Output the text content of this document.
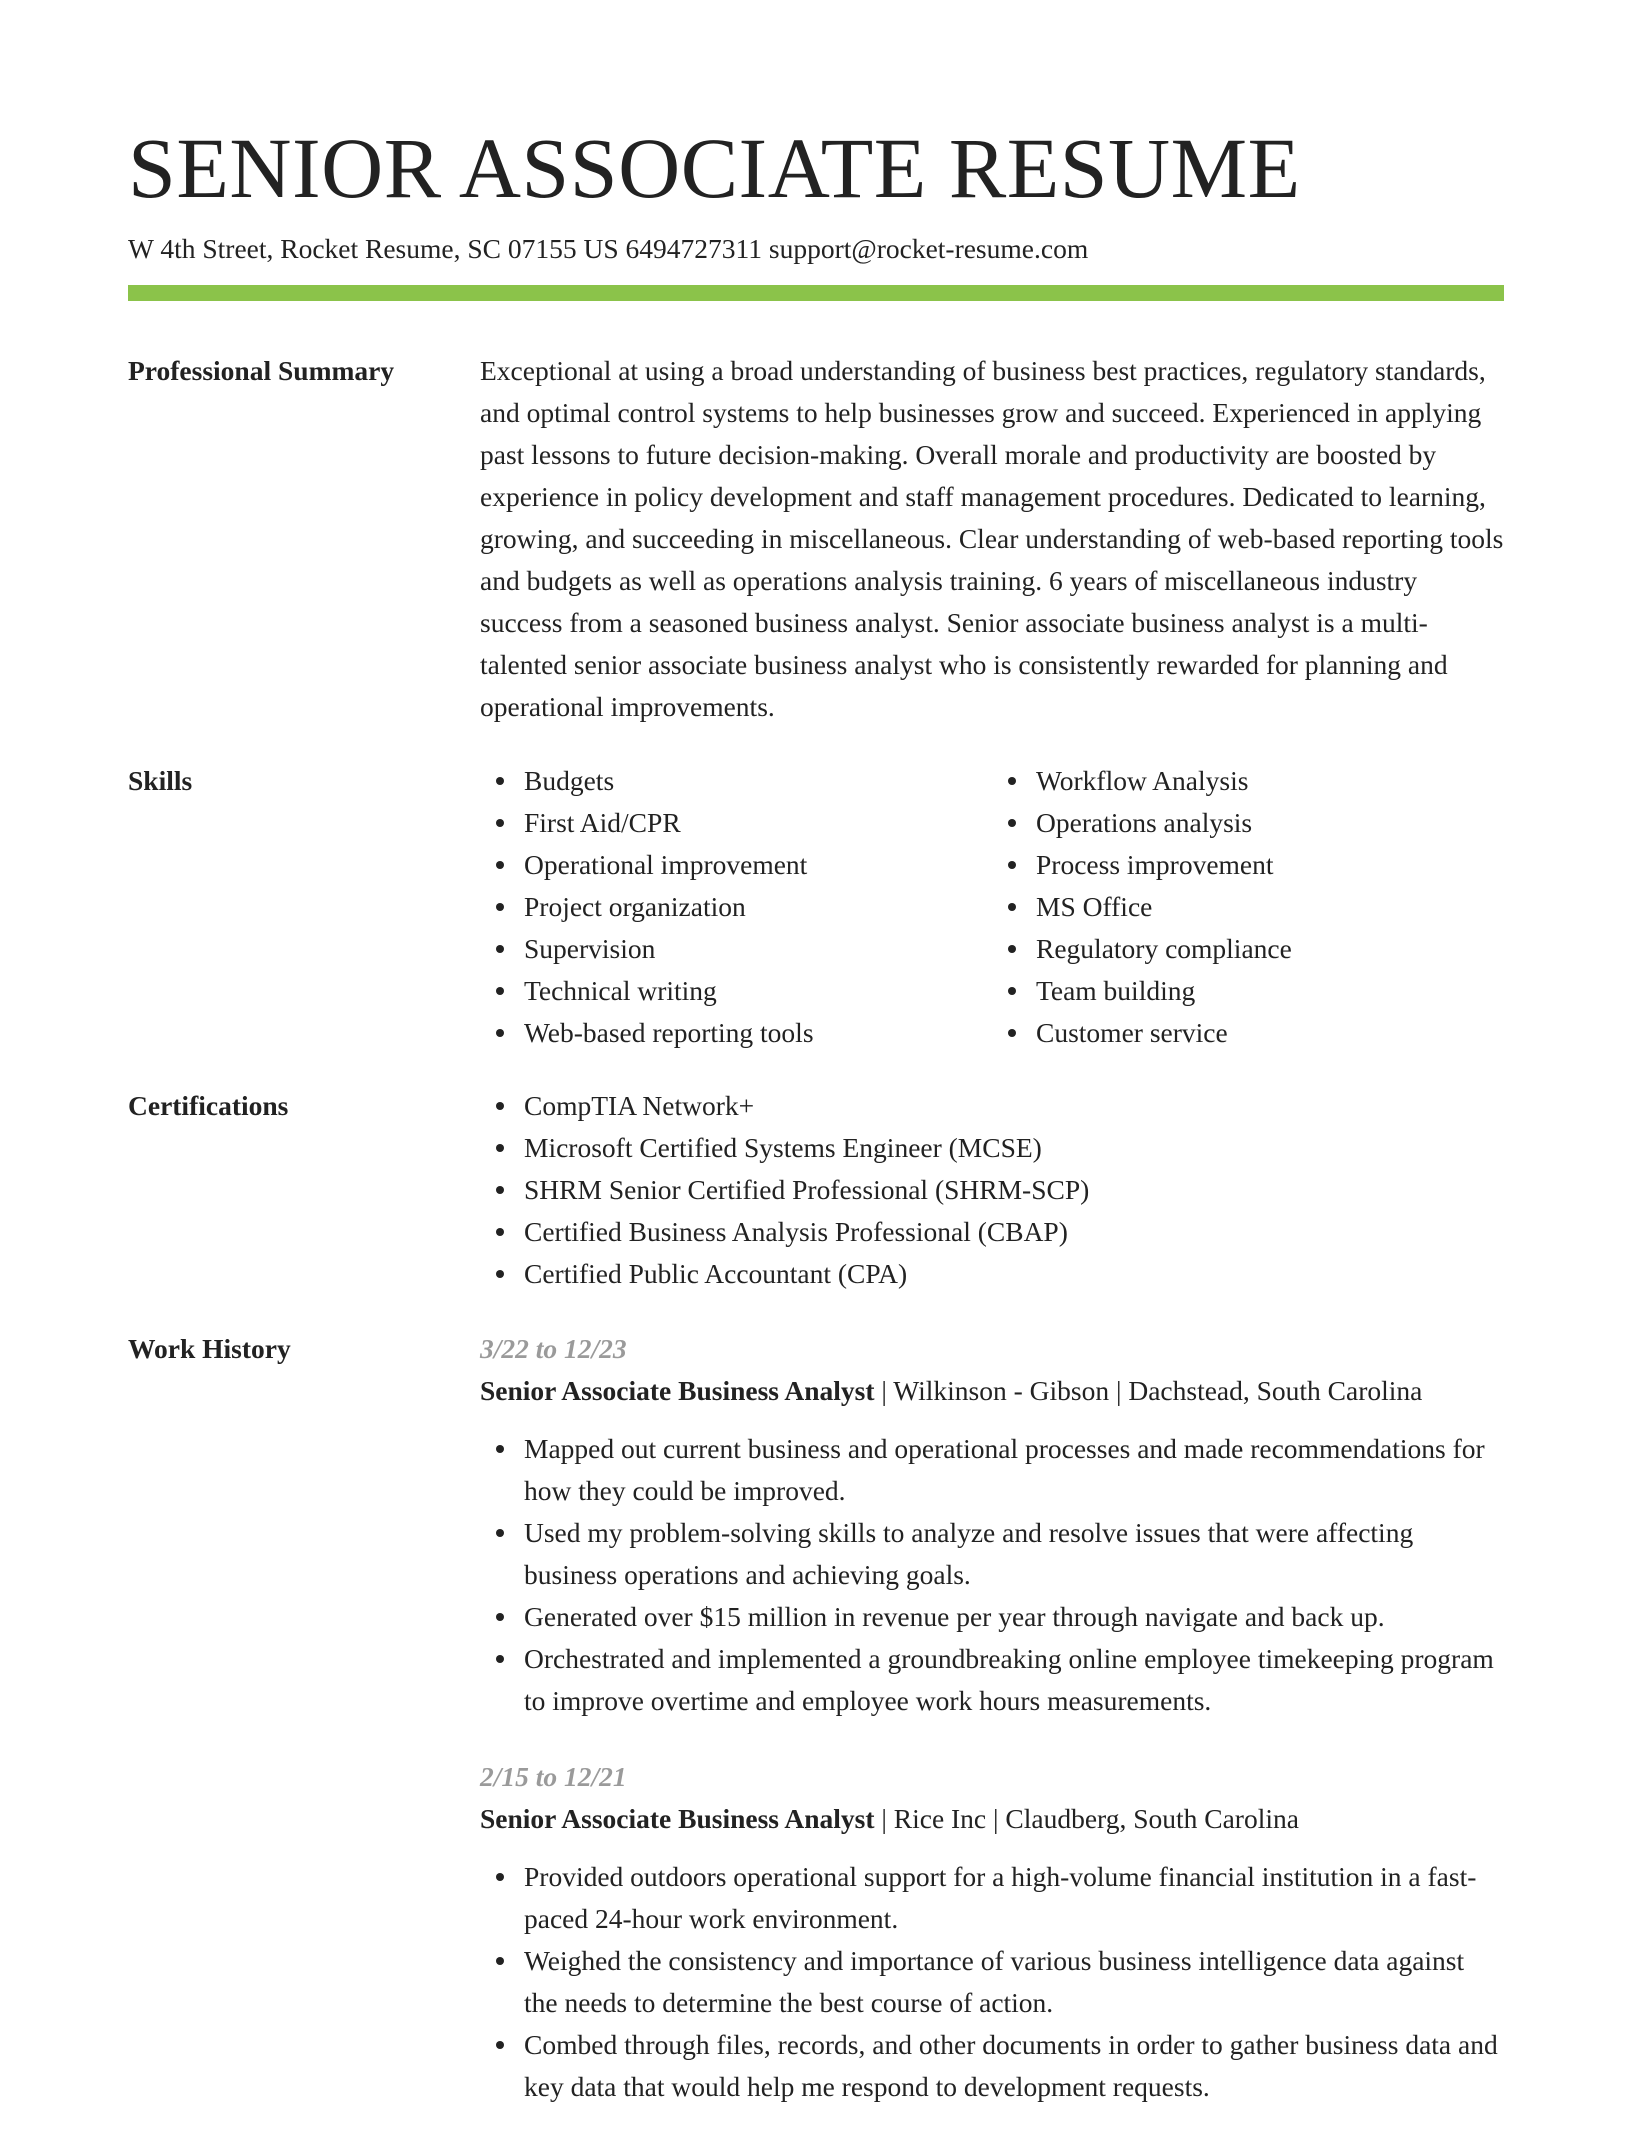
SENIOR ASSOCIATE RESUME
W 4th Street, Rocket Resume, SC 07155 US 6494727311 support@rocket-resume.com
Professional Summary	Exceptional at using a broad understanding of business best practices, regulatory standards, and optimal control systems to help businesses grow and succeed. Experienced in applying past lessons to future decision-making. Overall morale and productivity are boosted by experience in policy development and staff management procedures. Dedicated to learning, growing, and succeeding in miscellaneous. Clear understanding of web-based reporting tools and budgets as well as operations analysis training. 6 years of miscellaneous industry success from a seasoned business analyst. Senior associate business analyst is a multi-talented senior associate business analyst who is consistently rewarded for planning and operational improvements.

Skills	Budgets
First Aid/CPR
Operational improvement
Project organization
Supervision
Technical writing
Web-based reporting tools
Workflow Analysis
Operations analysis
Process improvement
MS Office
Regulatory compliance
Team building
Customer service
Certifications	CompTIA Network+
Microsoft Certified Systems Engineer (MCSE)
SHRM Senior Certified Professional (SHRM-SCP)
Certified Business Analysis Professional (CBAP)
Certified Public Accountant (CPA)
Work History	3/22 to 12/23
Senior Associate Business Analyst | Wilkinson - Gibson | Dachstead, South Carolina
Mapped out current business and operational processes and made recommendations for how they could be improved.
Used my problem-solving skills to analyze and resolve issues that were affecting business operations and achieving goals.
Generated over $15 million in revenue per year through navigate and back up.
Orchestrated and implemented a groundbreaking online employee timekeeping program to improve overtime and employee work hours measurements.
2/15 to 12/21
Senior Associate Business Analyst | Rice Inc | Claudberg, South Carolina
Provided outdoors operational support for a high-volume financial institution in a fast-paced 24-hour work environment.
Weighed the consistency and importance of various business intelligence data against the needs to determine the best course of action.
Combed through files, records, and other documents in order to gather business data and key data that would help me respond to development requests.
